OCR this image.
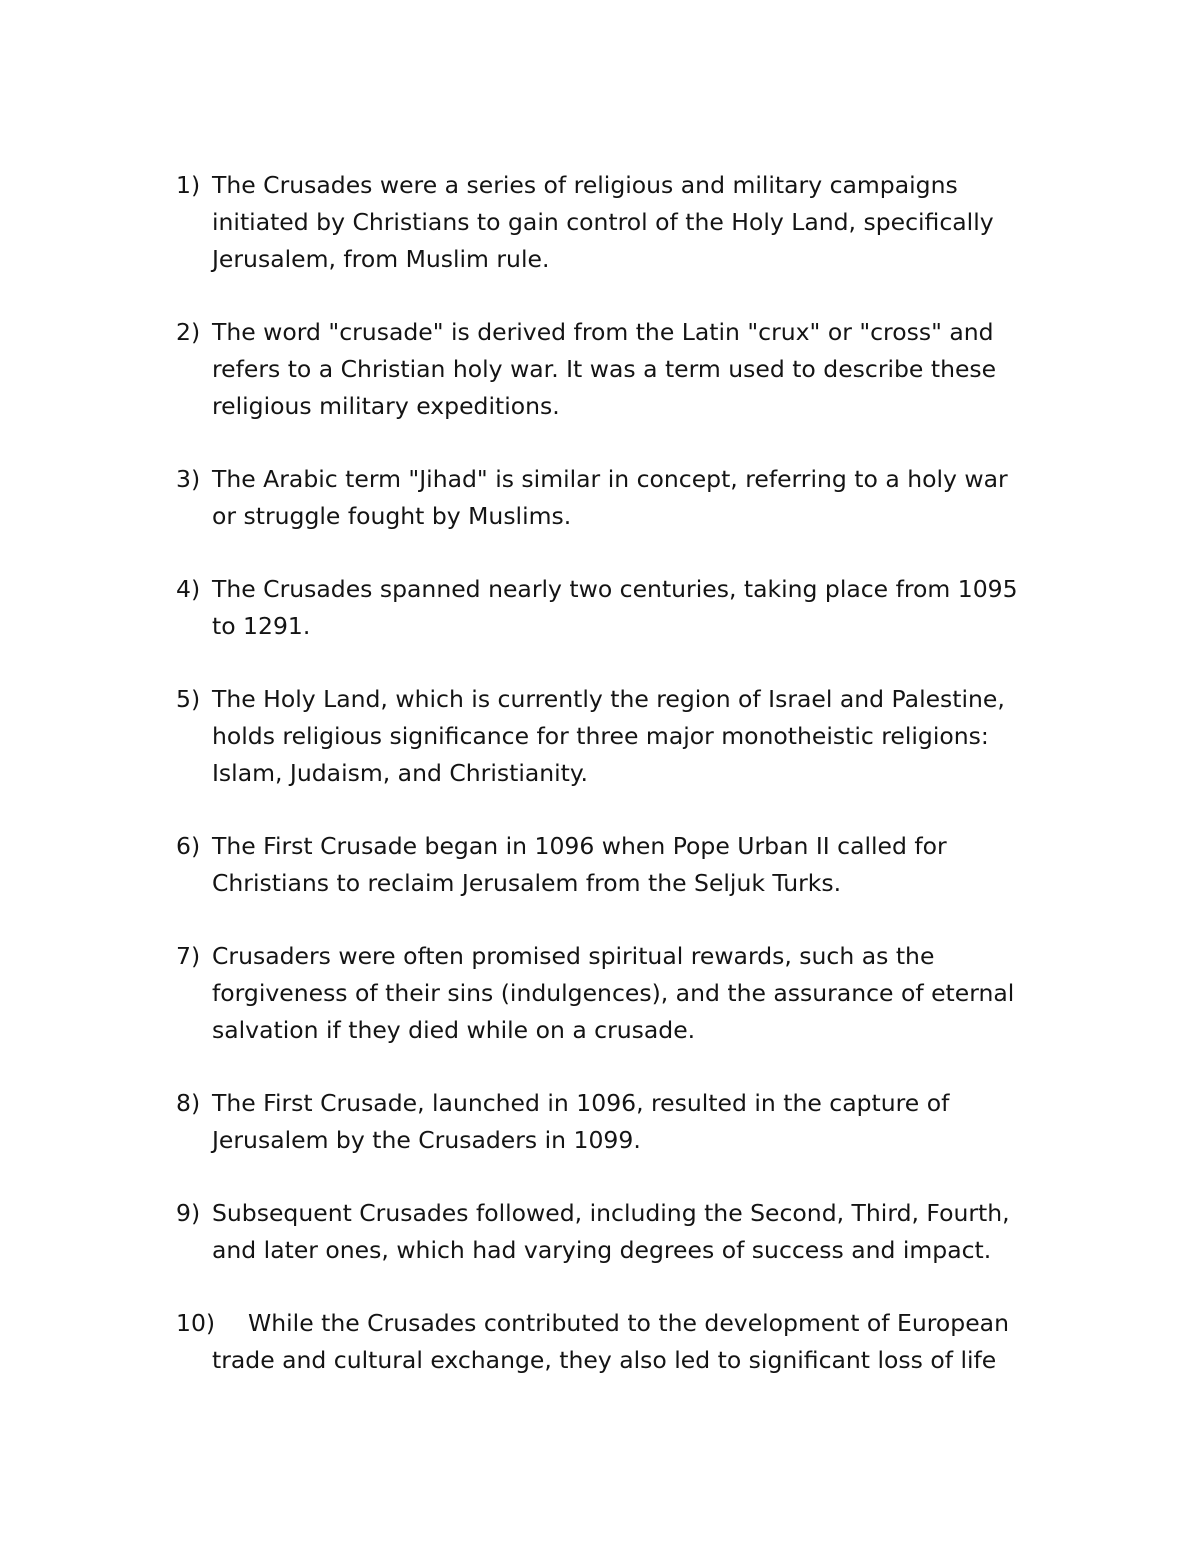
1) The Crusades were a series of religious and military campaigns
initiated by Christians to gain control of the Holy Land, specifically
Jerusalem, from Muslim rule.
2) The word "crusade" is derived from the Latin "crux" or "cross" and
refers to a Christian holy war. It was a term used to describe these
religious military expeditions.
3) The Arabic term "Jihad" is similar in concept, referring to a holy war
or struggle fought by Muslims.
4) The Crusades spanned nearly two centuries, taking place from 1095
to 1291.
5) The Holy Land, which is currently the region of Israel and Palestine,
holds religious significance for three major monotheistic religions:
Islam, Judaism, and Christianity.
6) The First Crusade began in 1096 when Pope Urban II called for
Christians to reclaim Jerusalem from the Seljuk Turks.
7) Crusaders were often promised spiritual rewards, such as the
forgiveness of their sins (indulgences), and the assurance of eternal
salvation if they died while on a crusade.
8) The First Crusade, launched in 1096, resulted in the capture of
Jerusalem by the Crusaders in 1099.
9) Subsequent Crusades followed, including the Second, Third, Fourth,
and later ones, which had varying degrees of success and impact.
10)	While the Crusades contributed to the development of European
trade and cultural exchange, they also led to significant loss of life
